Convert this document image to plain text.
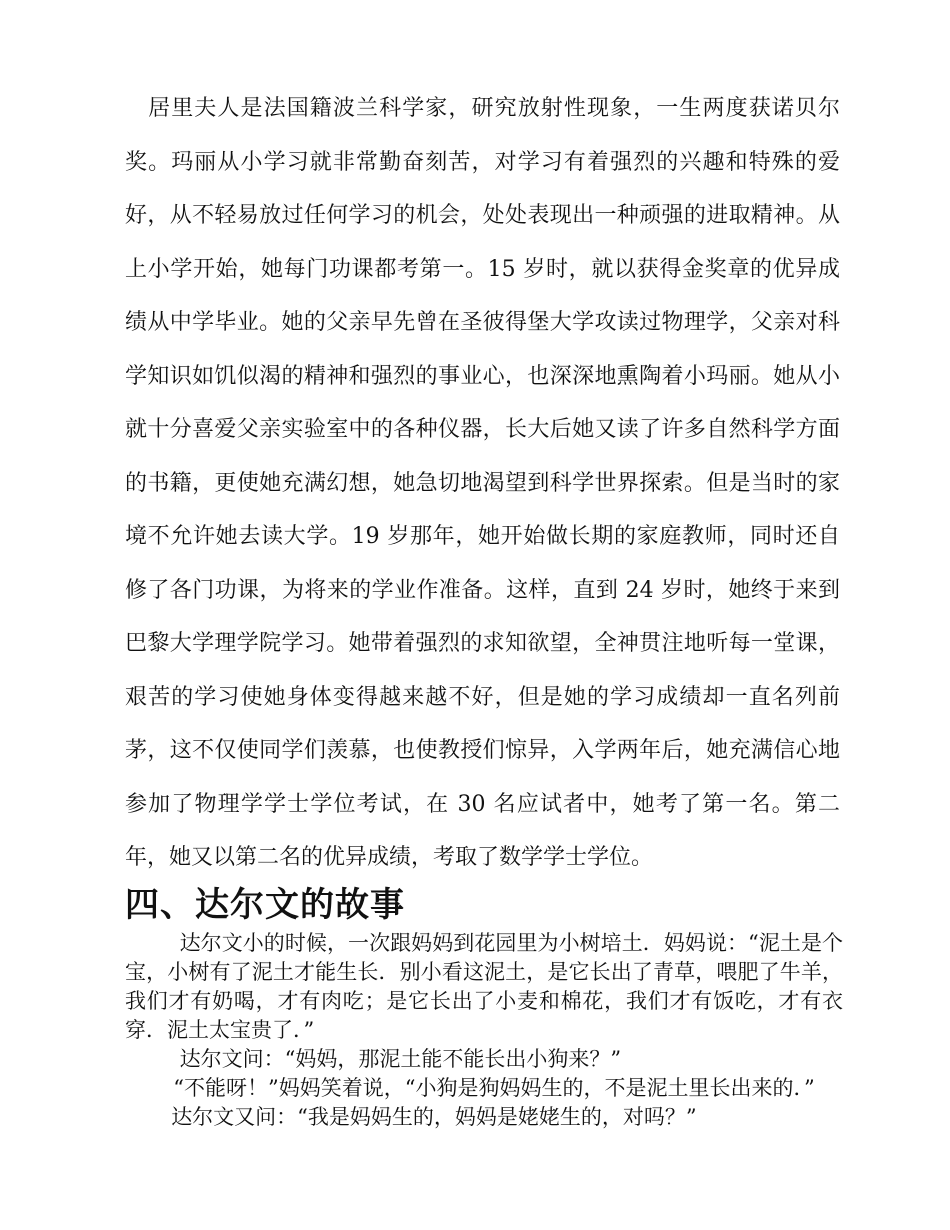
居里夫人是法国籍波兰科学家，研究放射性现象，一生两度获诺贝尔奖。玛丽从小学习就非常勤奋刻苦，对学习有着强烈的兴趣和特殊的爱好，从不轻易放过任何学习的机会，处处表现出一种顽强的进取精神。从上小学开始，她每门功课都考第一。15 岁时，就以获得金奖章的优异成绩从中学毕业。她的父亲早先曾在圣彼得堡大学攻读过物理学，父亲对科学知识如饥似渴的精神和强烈的事业心，也深深地熏陶着小玛丽。她从小就十分喜爱父亲实验室中的各种仪器，长大后她又读了许多自然科学方面的书籍，更使她充满幻想，她急切地渴望到科学世界探索。但是当时的家境不允许她去读大学。19 岁那年，她开始做长期的家庭教师，同时还自修了各门功课，为将来的学业作准备。这样，直到 24 岁时，她终于来到巴黎大学理学院学习。她带着强烈的求知欲望，全神贯注地听每一堂课，艰苦的学习使她身体变得越来越不好，但是她的学习成绩却一直名列前茅，这不仅使同学们羡慕，也使教授们惊异，入学两年后，她充满信心地参加了物理学学士学位考试，在 30 名应试者中，她考了第一名。第二年，她又以第二名的优异成绩，考取了数学学士学位。
四、达尔文的故事

达尔文小的时候，一次跟妈妈到花园里为小树培土．妈妈说：“泥土是个宝，小树有了泥土才能生长．别小看这泥土，是它长出了青草，喂肥了牛羊，我们才有奶喝，才有肉吃；是它长出了小麦和棉花，我们才有饭吃，才有衣穿．泥土太宝贵了．”

达尔文问：“妈妈，那泥土能不能长出小狗来？”

“不能呀！”妈妈笑着说，“小狗是狗妈妈生的，不是泥土里长出来的．”

达尔文又问：“我是妈妈生的，妈妈是姥姥生的，对吗？”
